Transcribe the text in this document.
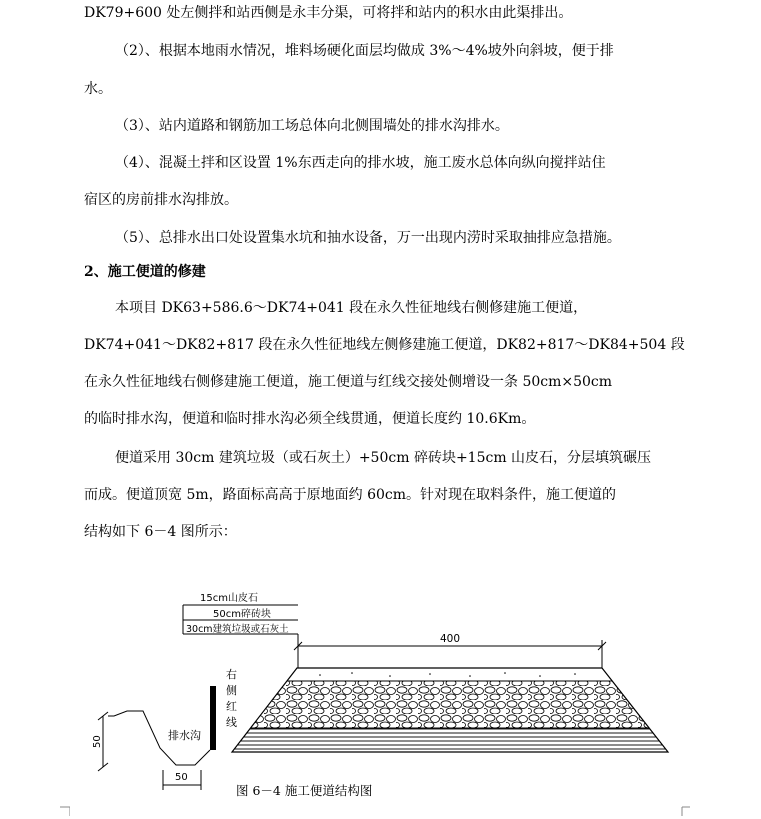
DK79+600 处左侧拌和站西侧是永丰分渠，可将拌和站内的积水由此渠排出。
（2）、根据本地雨水情况，堆料场硬化面层均做成 3%～4%坡外向斜坡，便于排
水。
（3）、站内道路和钢筋加工场总体向北侧围墙处的排水沟排水。
（4）、混凝土拌和区设置 1%东西走向的排水坡，施工废水总体向纵向搅拌站住
宿区的房前排水沟排放。
（5）、总排水出口处设置集水坑和抽水设备，万一出现内涝时采取抽排应急措施。
2、施工便道的修建
本项目 DK63+586.6～DK74+041 段在永久性征地线右侧修建施工便道，
DK74+041～DK82+817 段在永久性征地线左侧修建施工便道，DK82+817～DK84+504 段
在永久性征地线右侧修建施工便道，施工便道与红线交接处侧增设一条 50cm×50cm
的临时排水沟，便道和临时排水沟必须全线贯通，便道长度约 10.6Km。
便道采用 30cm 建筑垃圾（或石灰土）+50cm 碎砖块+15cm 山皮石，分层填筑碾压
而成。便道顶宽 5m，路面标高高于原地面约 60cm。针对现在取料条件，施工便道的
结构如下 6－4 图所示：
15cm山皮石
50cm碎砖块
30cm建筑垃圾或石灰土
400
右 侧 红 线
排水沟
50
50
图 6－4 施工便道结构图
